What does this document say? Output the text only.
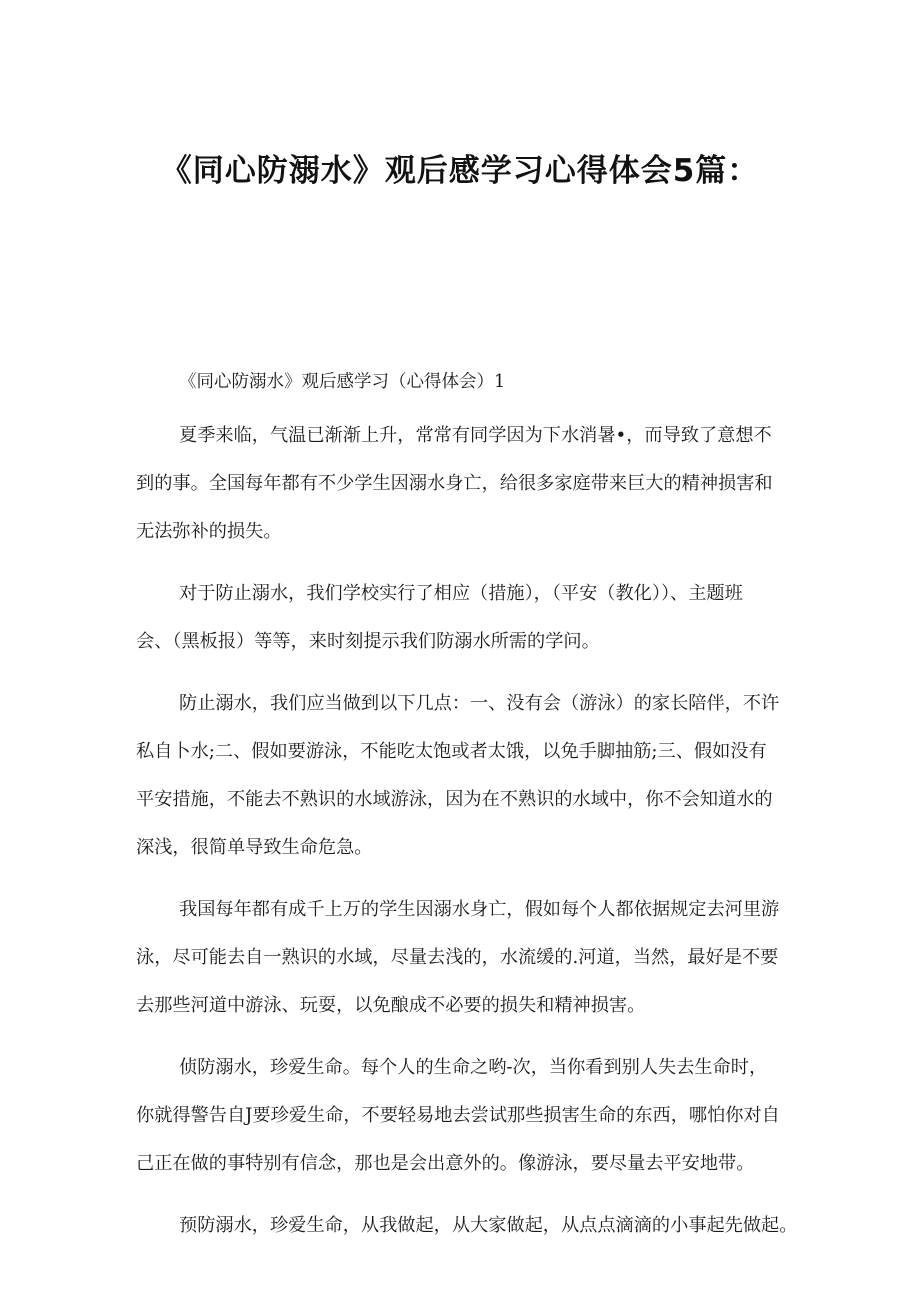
《同心防溺水》观后感学习心得体会5篇：

《同心防溺水》观后感学习（心得体会）1

夏季来临，气温已渐渐上升，常常有同学因为下水消暑•，而导致了意想不
到的事。全国每年都有不少学生因溺水身亡，给很多家庭带来巨大的精神损害和
无法弥补的损失。

对于防止溺水，我们学校实行了相应（措施），（平安（教化））、主题班
会、（黑板报）等等，来时刻提示我们防溺水所需的学问。

防止溺水，我们应当做到以下几点：一、没有会（游泳）的家长陪伴，不许
私自卜水;二、假如要游泳，不能吃太饱或者太饿，以免手脚抽筋;三、假如没有
平安措施，不能去不熟识的水域游泳，因为在不熟识的水域中，你不会知道水的
深浅，很简单导致生命危急。

我国每年都有成千上万的学生因溺水身亡，假如每个人都依据规定去河里游
泳，尽可能去自一熟识的水域，尽量去浅的，水流缓的.河道，当然，最好是不要
去那些河道中游泳、玩耍，以免酿成不必要的损失和精神损害。

侦防溺水，珍爱生命。每个人的生命之哟-次，当你看到别人失去生命时，
你就得警告自J要珍爱生命，不要轻易地去尝试那些损害生命的东西，哪怕你对自
己正在做的事特别有信念，那也是会出意外的。像游泳，要尽量去平安地带。

预防溺水，珍爱生命，从我做起，从大家做起，从点点滴滴的小事起先做起。
